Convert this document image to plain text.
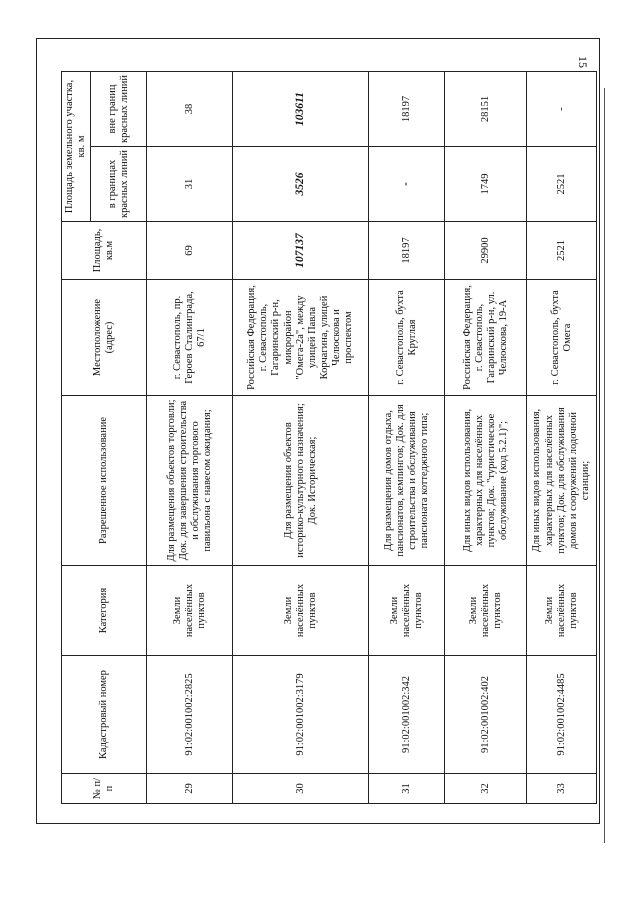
15
№ п/п	Кадастровый номер	Категория	Разрешенное использование	Местоположение (адрес)	Площадь, кв.м	Площадь земельного участка, кв. м	
						в границах красных линий	вне границ красных линий
29	91:02:001002:2825	Земли населённых пунктов	Для размещения объектов торговли; Док. для завершения строительства и обслуживания торгового павильона с навесом ожидания;	г. Севастополь, пр. Героев Сталинграда, 67/1	69	31	38
30	91:02:001002:3179	Земли населённых пунктов	Для размещения объектов историко-культурного назначения; Док. Историческая;	Российская Федерация, г. Севастополь, Гагаринский р-н, микрорайон "Омега-2а", между улицей Павла Корчагина, улицей Челюскова и проспектом	107137	3526	103611
31	91:02:001002:342	Земли населённых пунктов	Для размещения домов отдыха, пансионатов, кемпингов; Док. для строительства и обслуживания пансионата коттеджного типа;	г. Севастополь, бухта Круглая	18197	-	18197
32	91:02:001002:402	Земли населённых пунктов	Для иных видов использования, характерных для населённых пунктов; Док. "туристическое обслуживание (код 5.2.1)";	Российская Федерация, г. Севастополь, Гагаринский р-н, ул. Челюскова, 19-А	29900	1749	28151
33	91:02:001002:4485	Земли населённых пунктов	Для иных видов использования, характерных для населённых пунктов; Док. для обслуживания домов и сооружений лодочной станции;	г. Севастополь, бухта Омега	2521	2521	-
